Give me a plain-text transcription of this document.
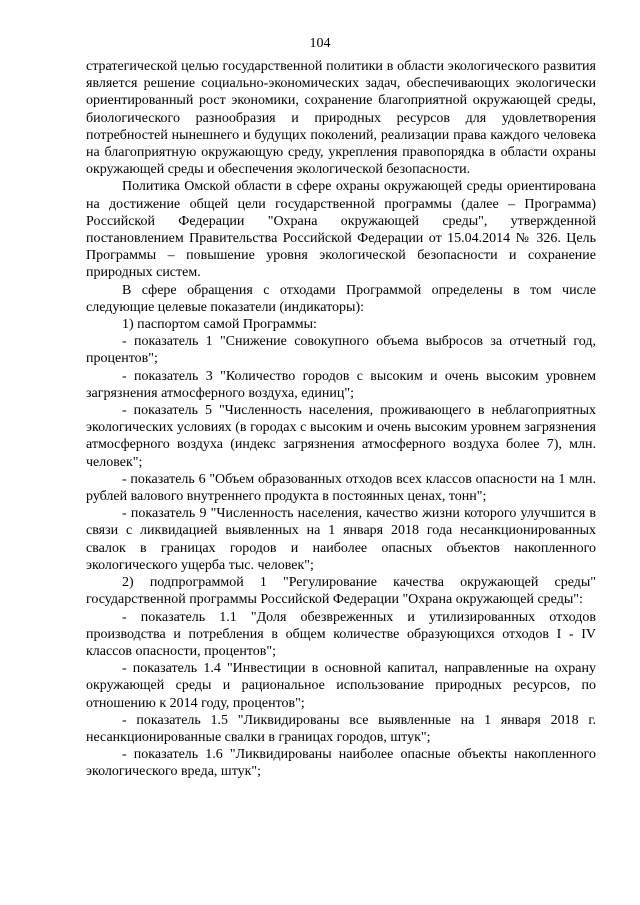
104

стратегической целью государственной политики в области экологического развития является решение социально-экономических задач, обеспечивающих экологически ориентированный рост экономики, сохранение благоприятной окружающей среды, биологического разнообразия и природных ресурсов для удовлетворения потребностей нынешнего и будущих поколений, реализации права каждого человека на благоприятную окружающую среду, укрепления правопорядка в области охраны окружающей среды и обеспечения экологической безопасности.

Политика Омской области в сфере охраны окружающей среды ориентирована на достижение общей цели государственной программы (далее – Программа) Российской Федерации "Охрана окружающей среды", утвержденной постановлением Правительства Российской Федерации от 15.04.2014 № 326. Цель Программы – повышение уровня экологической безопасности и сохранение природных систем.

В сфере обращения с отходами Программой определены в том числе следующие целевые показатели (индикаторы):

1) паспортом самой Программы:

- показатель 1 "Снижение совокупного объема выбросов за отчетный год, процентов";

- показатель 3 "Количество городов с высоким и очень высоким уровнем загрязнения атмосферного воздуха, единиц";

- показатель 5 "Численность населения, проживающего в неблагоприятных экологических условиях (в городах с высоким и очень высоким уровнем загрязнения атмосферного воздуха (индекс загрязнения атмосферного воздуха более 7), млн. человек";

- показатель 6 "Объем образованных отходов всех классов опасности на 1 млн. рублей валового внутреннего продукта в постоянных ценах, тонн";

- показатель 9 "Численность населения, качество жизни которого улучшится в связи с ликвидацией выявленных на 1 января 2018 года несанкционированных свалок в границах городов и наиболее опасных объектов накопленного экологического ущерба тыс. человек";

2) подпрограммой 1 "Регулирование качества окружающей среды" государственной программы Российской Федерации "Охрана окружающей среды":

- показатель 1.1 "Доля обезвреженных и утилизированных отходов производства и потребления в общем количестве образующихся отходов I - IV классов опасности, процентов";

- показатель 1.4 "Инвестиции в основной капитал, направленные на охрану окружающей среды и рациональное использование природных ресурсов, по отношению к 2014 году, процентов";

- показатель 1.5 "Ликвидированы все выявленные на 1 января 2018 г. несанкционированные свалки в границах городов, штук";

- показатель 1.6 "Ликвидированы наиболее опасные объекты накопленного экологического вреда, штук";
